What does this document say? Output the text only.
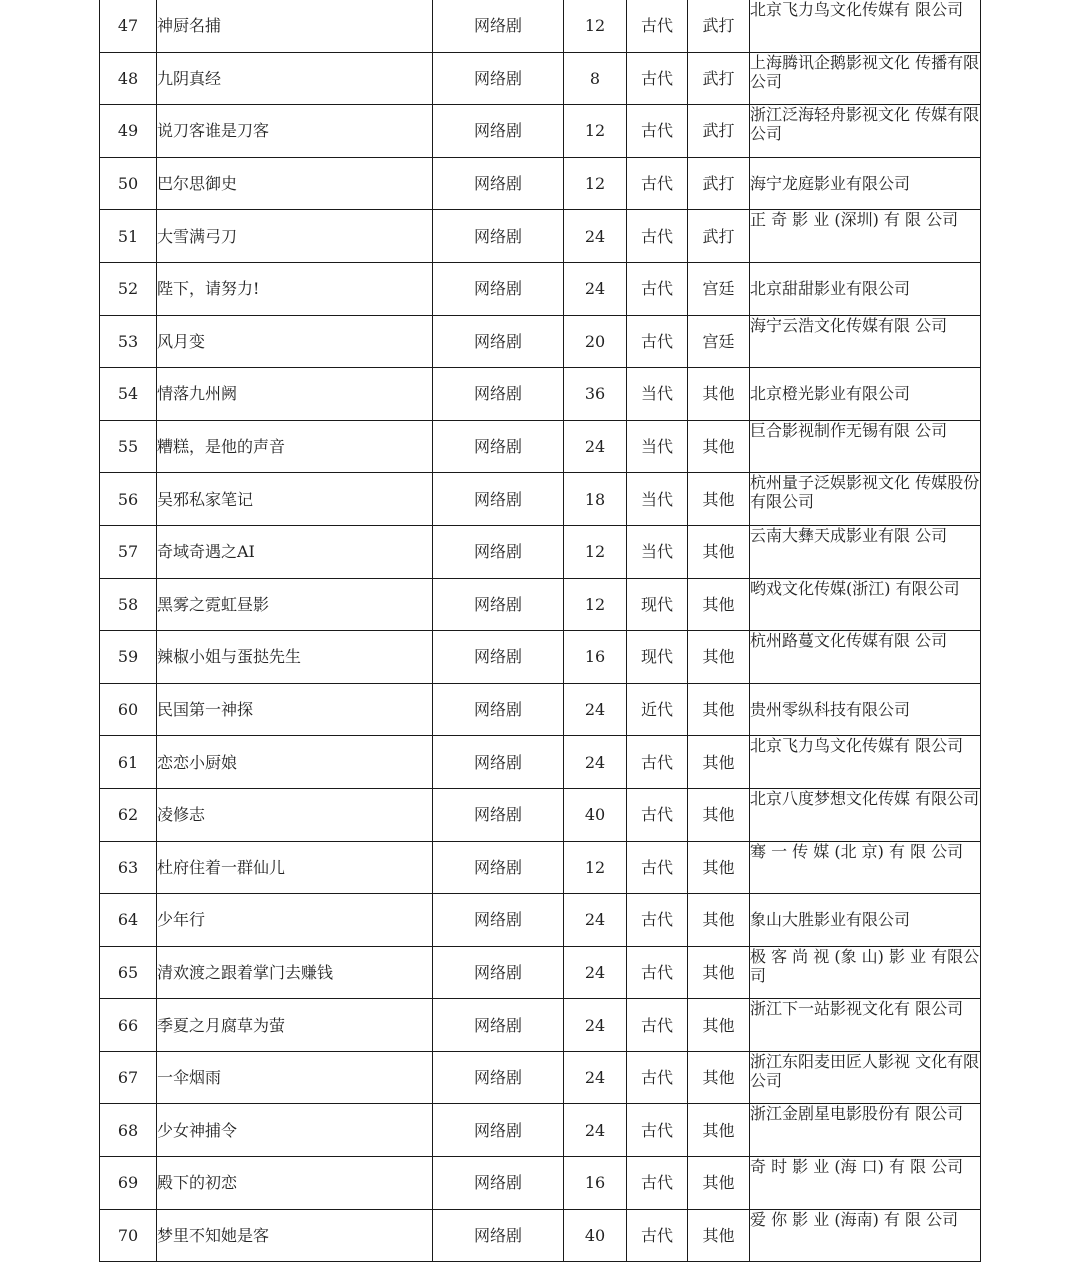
47	神厨名捕	网络剧	12	古代	武打	北京飞力鸟文化传媒有 限公司
48	九阴真经	网络剧	8	古代	武打	上海腾讯企鹅影视文化 传播有限公司
49	说刀客谁是刀客	网络剧	12	古代	武打	浙江泛海轻舟影视文化 传媒有限公司
50	巴尔思御史	网络剧	12	古代	武打	海宁龙庭影业有限公司
51	大雪满弓刀	网络剧	24	古代	武打	正 奇 影 业 (深圳) 有 限 公司
52	陛下，请努力!	网络剧	24	古代	宫廷	北京甜甜影业有限公司
53	风月变	网络剧	20	古代	宫廷	海宁云浩文化传媒有限 公司
54	情落九州阙	网络剧	36	当代	其他	北京橙光影业有限公司
55	糟糕，是他的声音	网络剧	24	当代	其他	巨合影视制作无锡有限 公司
56	吴邪私家笔记	网络剧	18	当代	其他	杭州量子泛娱影视文化 传媒股份有限公司
57	奇域奇遇之AI	网络剧	12	当代	其他	云南大彝天成影业有限 公司
58	黑雾之霓虹昼影	网络剧	12	现代	其他	哟戏文化传媒(浙江) 有限公司
59	辣椒小姐与蛋挞先生	网络剧	16	现代	其他	杭州路蔓文化传媒有限 公司
60	民国第一神探	网络剧	24	近代	其他	贵州零纵科技有限公司
61	恋恋小厨娘	网络剧	24	古代	其他	北京飞力鸟文化传媒有 限公司
62	凌修志	网络剧	40	古代	其他	北京八度梦想文化传媒 有限公司
63	杜府住着一群仙儿	网络剧	12	古代	其他	骞 一 传 媒 (北 京) 有 限 公司
64	少年行	网络剧	24	古代	其他	象山大胜影业有限公司
65	清欢渡之跟着掌门去赚钱	网络剧	24	古代	其他	极 客 尚 视 (象 山) 影 业 有限公司
66	季夏之月腐草为萤	网络剧	24	古代	其他	浙江下一站影视文化有 限公司
67	一伞烟雨	网络剧	24	古代	其他	浙江东阳麦田匠人影视 文化有限公司
68	少女神捕令	网络剧	24	古代	其他	浙江金剧星电影股份有 限公司
69	殿下的初恋	网络剧	16	古代	其他	奇 时 影 业 (海 口) 有 限 公司
70	梦里不知她是客	网络剧	40	古代	其他	爱 你 影 业 (海南) 有 限 公司
